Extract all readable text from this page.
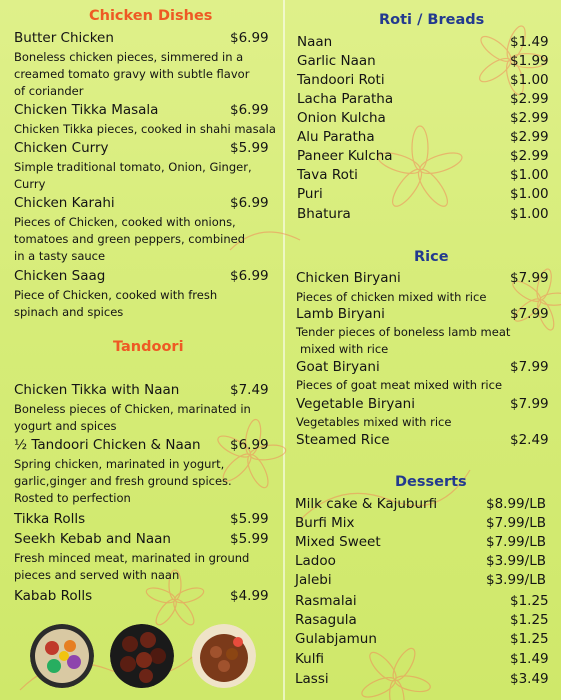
Chicken Dishes
Butter Chicken	$6.99
Boneless chicken pieces, simmered in a
creamed tomato gravy with subtle flavor
of coriander
Chicken Tikka Masala	$6.99
Chicken Tikka pieces, cooked in shahi masala
Chicken Curry	$5.99
Simple traditional tomato, Onion, Ginger,
Curry
Chicken Karahi	$6.99
Pieces of Chicken, cooked with onions,
tomatoes and green peppers, combined
in a tasty sauce
Chicken Saag	$6.99
Piece of Chicken, cooked with fresh
spinach and spices
Tandoori
Chicken Tikka with Naan	$7.49
Boneless pieces of Chicken, marinated in
yogurt and spices
½ Tandoori Chicken & Naan $6.99
Spring chicken, marinated in yogurt,
garlic,ginger and fresh ground spices.
Rosted to perfection
Tikka Rolls	$5.99
Seekh Kebab and Naan	$5.99
Fresh minced meat, marinated in ground
pieces and served with naan
Kabab Rolls	$4.99
Roti / Breads
Naan	$1.49
Garlic Naan	$1.99
Tandoori Roti	$1.00
Lacha Paratha	$2.99
Onion Kulcha	$2.99
Alu Paratha	$2.99
Paneer Kulcha	$2.99
Tava Roti	$1.00
Puri	$1.00
Bhatura	$1.00
Rice
Chicken Biryani	$7.99
Pieces of chicken mixed with rice
Lamb Biryani	$7.99
Tender pieces of boneless lamb meat
mixed with rice
Goat Biryani	$7.99
Pieces of goat meat mixed with rice
Vegetable Biryani	$7.99
Vegetables mixed with rice
Steamed Rice	$2.49
Desserts
Milk cake & Kajuburfi	$8.99/LB
Burfi Mix	$7.99/LB
Mixed Sweet	$7.99/LB
Ladoo	$3.99/LB
Jalebi	$3.99/LB
Rasmalai	$1.25
Rasagula	$1.25
Gulabjamun	$1.25
Kulfi	$1.49
Lassi	$3.49
